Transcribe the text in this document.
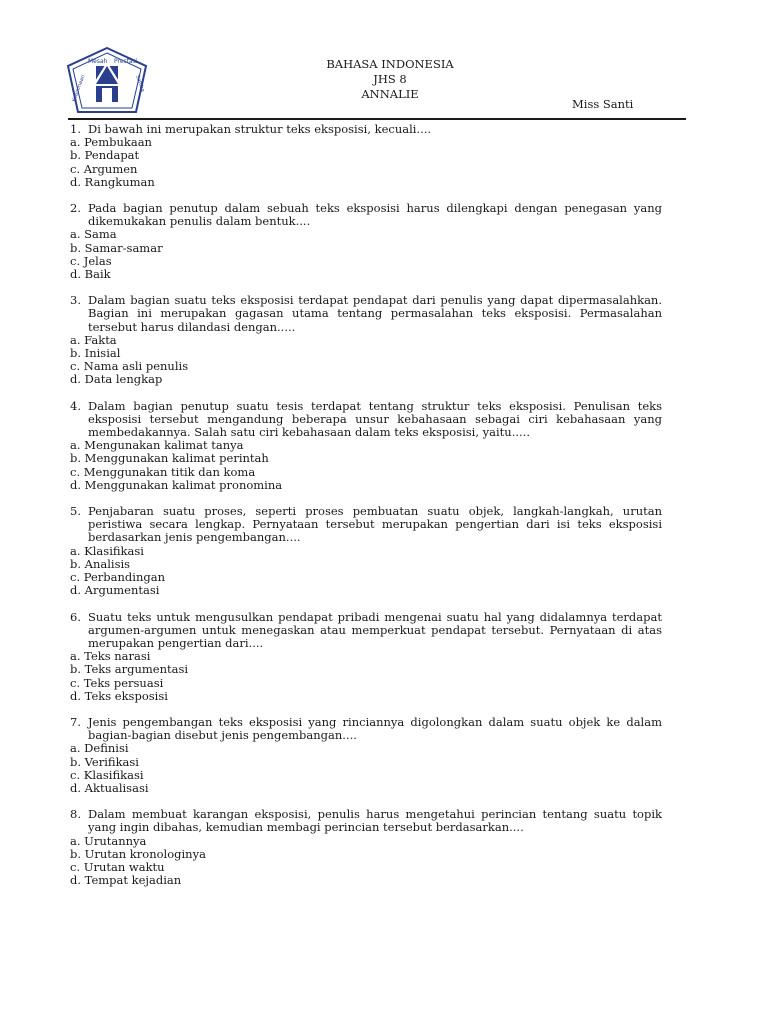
Mesah Prestasi
Kebinmaan	Sahiba
BAHASA INDONESIA
JHS 8
ANNALIE
Miss Santi
1. Di bawah ini merupakan struktur teks eksposisi, kecuali....
a. Pembukaan
b. Pendapat
c. Argumen
d. Rangkuman
2. Pada bagian penutup dalam sebuah teks eksposisi harus dilengkapi dengan penegasan yang dikemukakan penulis dalam bentuk....
a. Sama
b. Samar-samar
c. Jelas
d. Baik
3. Dalam bagian suatu teks eksposisi terdapat pendapat dari penulis yang dapat dipermasalahkan. Bagian ini merupakan gagasan utama tentang permasalahan teks eksposisi. Permasalahan tersebut harus dilandasi dengan.....
a. Fakta
b. Inisial
c. Nama asli penulis
d. Data lengkap
4. Dalam bagian penutup suatu tesis terdapat tentang struktur teks eksposisi. Penulisan teks eksposisi tersebut mengandung beberapa unsur kebahasaan sebagai ciri kebahasaan yang membedakannya. Salah satu ciri kebahasaan dalam teks eksposisi, yaitu.....
a. Mengunakan kalimat tanya
b. Menggunakan kalimat perintah
c. Menggunakan titik dan koma
d. Menggunakan kalimat pronomina
5. Penjabaran suatu proses, seperti proses pembuatan suatu objek, langkah-langkah, urutan peristiwa secara lengkap. Pernyataan tersebut merupakan pengertian dari isi teks eksposisi berdasarkan jenis pengembangan....
a. Klasifikasi
b. Analisis
c. Perbandingan
d. Argumentasi
6. Suatu teks untuk mengusulkan pendapat pribadi mengenai suatu hal yang didalamnya terdapat argumen-argumen untuk menegaskan atau memperkuat pendapat tersebut. Pernyataan di atas merupakan pengertian dari....
a. Teks narasi
b. Teks argumentasi
c. Teks persuasi
d. Teks eksposisi
7. Jenis pengembangan teks eksposisi yang rinciannya digolongkan dalam suatu objek ke dalam bagian-bagian disebut jenis pengembangan....
a. Definisi
b. Verifikasi
c. Klasifikasi
d. Aktualisasi
8. Dalam membuat karangan eksposisi, penulis harus mengetahui perincian tentang suatu topik yang ingin dibahas, kemudian membagi perincian tersebut berdasarkan....
a. Urutannya
b. Urutan kronologinya
c. Urutan waktu
d. Tempat kejadian
